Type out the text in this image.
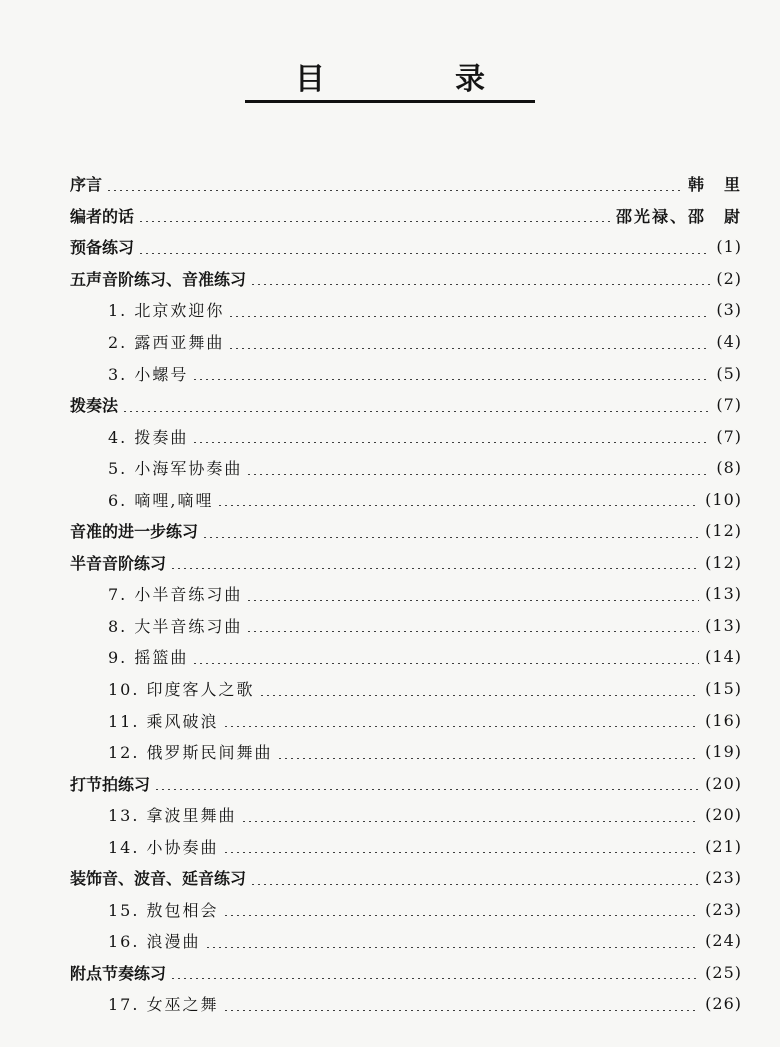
目　录
序言	韩　里
编者的话	邵光禄、邵　尉
预备练习	(1)
五声音阶练习、音准练习	(2)
1. 北京欢迎你	(3)
2. 露西亚舞曲	(4)
3. 小螺号	(5)
拨奏法	(7)
4. 拨奏曲	(7)
5. 小海军协奏曲	(8)
6. 嘀哩,嘀哩	(10)
音准的进一步练习	(12)
半音音阶练习	(12)
7. 小半音练习曲	(13)
8. 大半音练习曲	(13)
9. 摇篮曲	(14)
10. 印度客人之歌	(15)
11. 乘风破浪	(16)
12. 俄罗斯民间舞曲	(19)
打节拍练习	(20)
13. 拿波里舞曲	(20)
14. 小协奏曲	(21)
装饰音、波音、延音练习	(23)
15. 敖包相会	(23)
16. 浪漫曲	(24)
附点节奏练习	(25)
17. 女巫之舞	(26)
